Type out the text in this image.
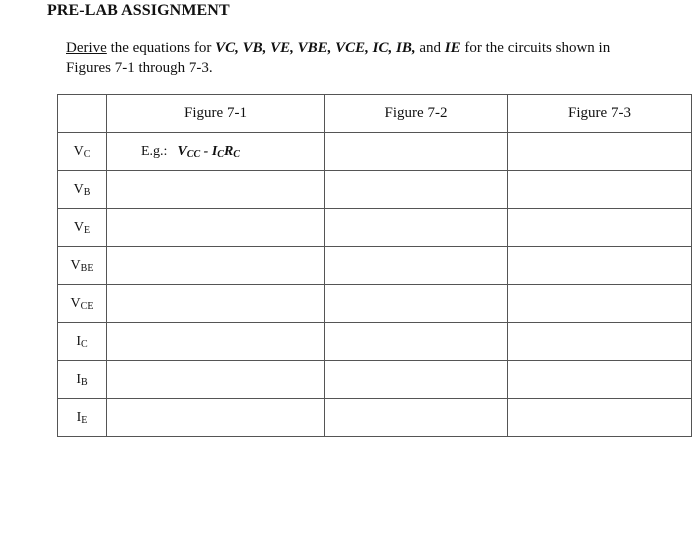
PRE-LAB ASSIGNMENT
Derive the equations for VC, VB, VE, VBE, VCE, IC, IB, and IE for the circuits shown in Figures 7-1 through 7-3.
	Figure 7-1	Figure 7-2	Figure 7-3
$V_C$	E.g.: $V_{CC} - I_CR_C$		
$V_B$			
$V_E$			
$V_{BE}$			
$V_{CE}$			
$I_C$			
$I_B$			
$I_E$			
